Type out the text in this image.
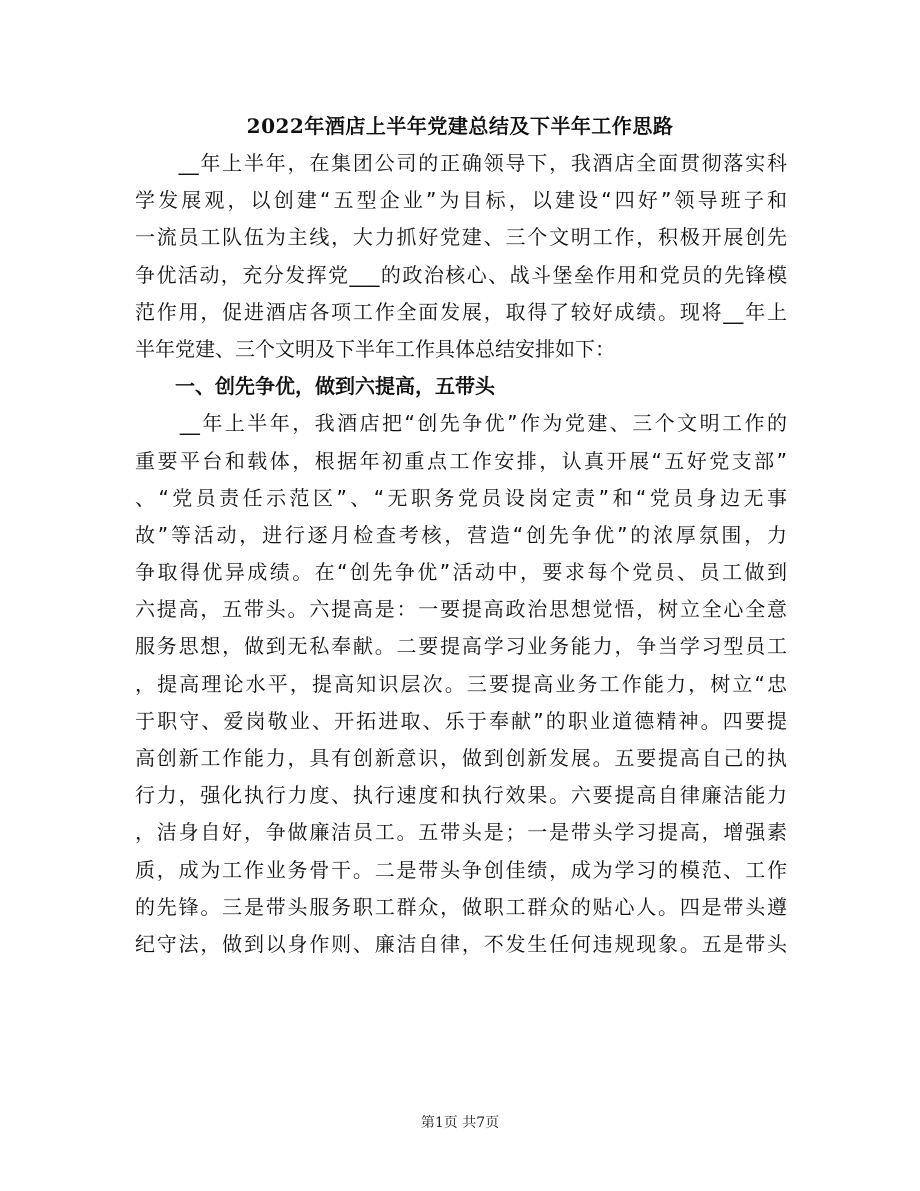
2022年酒店上半年党建总结及下半年工作思路
　　__年上半年，在集团公司的正确领导下，我酒店全面贯彻落实科
学发展观，以创建“五型企业”为目标，以建设“四好”领导班子和
一流员工队伍为主线，大力抓好党建、三个文明工作，积极开展创先
争优活动，充分发挥党___的政治核心、战斗堡垒作用和党员的先锋模
范作用，促进酒店各项工作全面发展，取得了较好成绩。现将__年上
半年党建、三个文明及下半年工作具体总结安排如下：
　　一、创先争优，做到六提高，五带头
　　__年上半年，我酒店把“创先争优”作为党建、三个文明工作的
重要平台和载体，根据年初重点工作安排，认真开展“五好党支部”
、“党员责任示范区”、“无职务党员设岗定责”和“党员身边无事
故”等活动，进行逐月检查考核，营造“创先争优”的浓厚氛围，力
争取得优异成绩。在“创先争优”活动中，要求每个党员、员工做到
六提高，五带头。六提高是：一要提高政治思想觉悟，树立全心全意
服务思想，做到无私奉献。二要提高学习业务能力，争当学习型员工
，提高理论水平，提高知识层次。三要提高业务工作能力，树立“忠
于职守、爱岗敬业、开拓进取、乐于奉献”的职业道德精神。四要提
高创新工作能力，具有创新意识，做到创新发展。五要提高自己的执
行力，强化执行力度、执行速度和执行效果。六要提高自律廉洁能力
，洁身自好，争做廉洁员工。五带头是；一是带头学习提高，增强素
质，成为工作业务骨干。二是带头争创佳绩，成为学习的模范、工作
的先锋。三是带头服务职工群众，做职工群众的贴心人。四是带头遵
纪守法，做到以身作则、廉洁自律，不发生任何违规现象。五是带头
第1页 共7页
